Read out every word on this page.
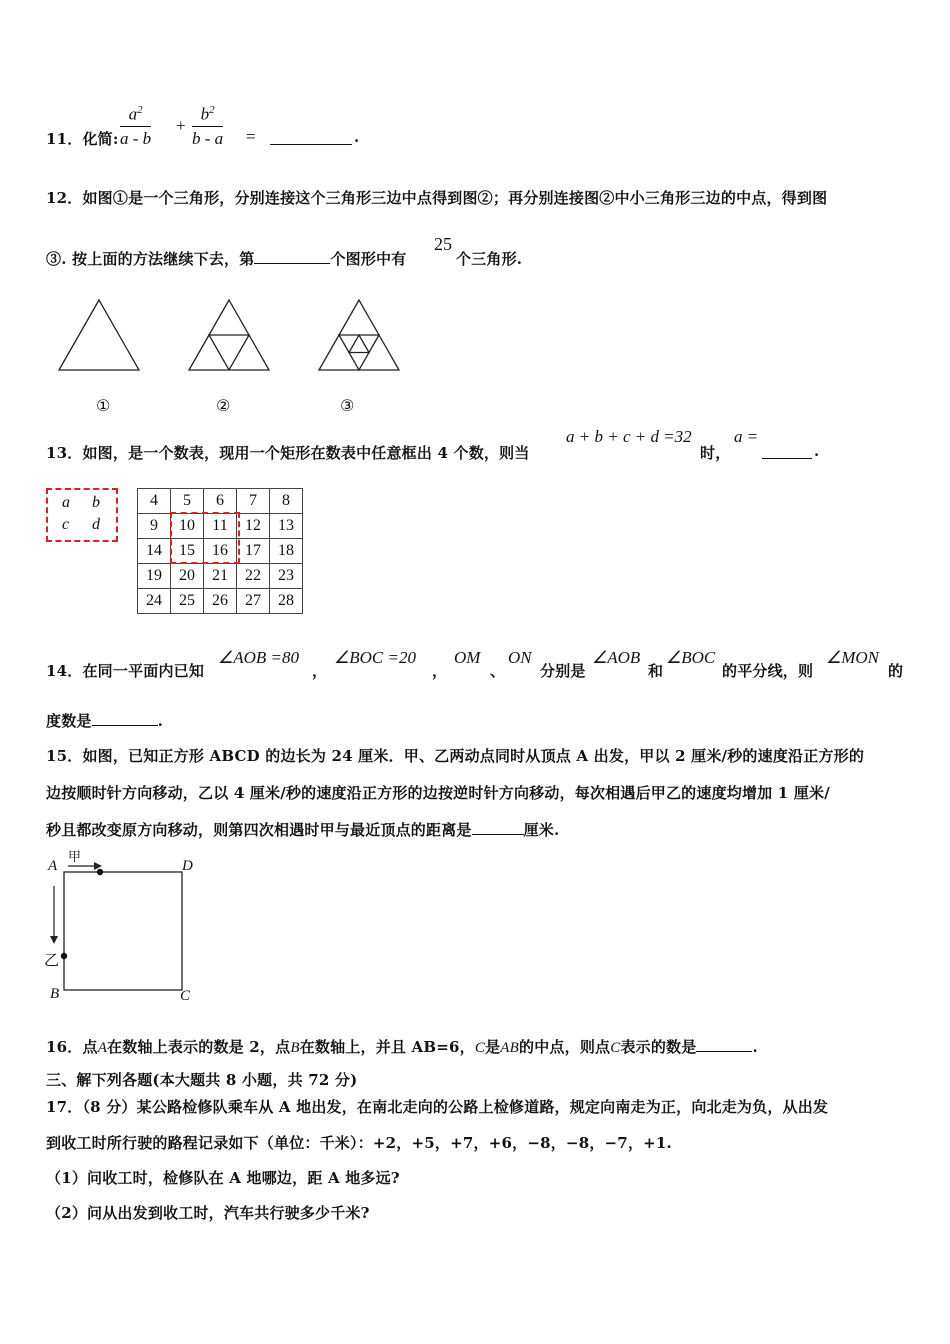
11．化简: $\frac{a^2}{a - b} + \frac{b^2}{b - a}$ =	.
12．如图①是一个三角形，分别连接这个三角形三边中点得到图②；再分别连接图②中小三角形三边的中点，得到图
③. 按上面的方法继续下去，第	个图形中有
25
个三角形.
①	②	③
13．如图，是一个数表，现用一个矩形在数表中任意框出 4 个数，则当
a + b + c + d =32
时，
a =
.
a b
c d
4	5	6	7	8
9	10	11	12	13
14	15	16	17	18
19	20	21	22	23
24	25	26	27	28
14．在同一平面内已知
∠AOB =80
，
∠BOC =20
，
OM
、
ON
分别是
∠AOB
和
∠BOC
的平分线，则
∠MON
的
度数是	.
15．如图，已知正方形 ABCD 的边长为 24 厘米．甲、乙两动点同时从顶点 A 出发，甲以 2 厘米/秒的速度沿正方形的
边按顺时针方向移动，乙以 4 厘米/秒的速度沿正方形的边按逆时针方向移动，每次相遇后甲乙的速度均增加 1 厘米/
秒且都改变原方向移动，则第四次相遇时甲与最近顶点的距离是	厘米.
A
甲
D
乙
B	C
16．点A在数轴上表示的数是 2，点B在数轴上，并且 AB=6，C是AB的中点，则点C表示的数是	.
三、解下列各题(本大题共 8 小题，共 72 分)
17．（8 分）某公路检修队乘车从 A 地出发，在南北走向的公路上检修道路，规定向南走为正，向北走为负，从出发
到收工时所行驶的路程记录如下（单位：千米）：+2，+5，+7，+6，−8，−8，−7，+1.
（1）问收工时，检修队在 A 地哪边，距 A 地多远?
（2）问从出发到收工时，汽车共行驶多少千米?
